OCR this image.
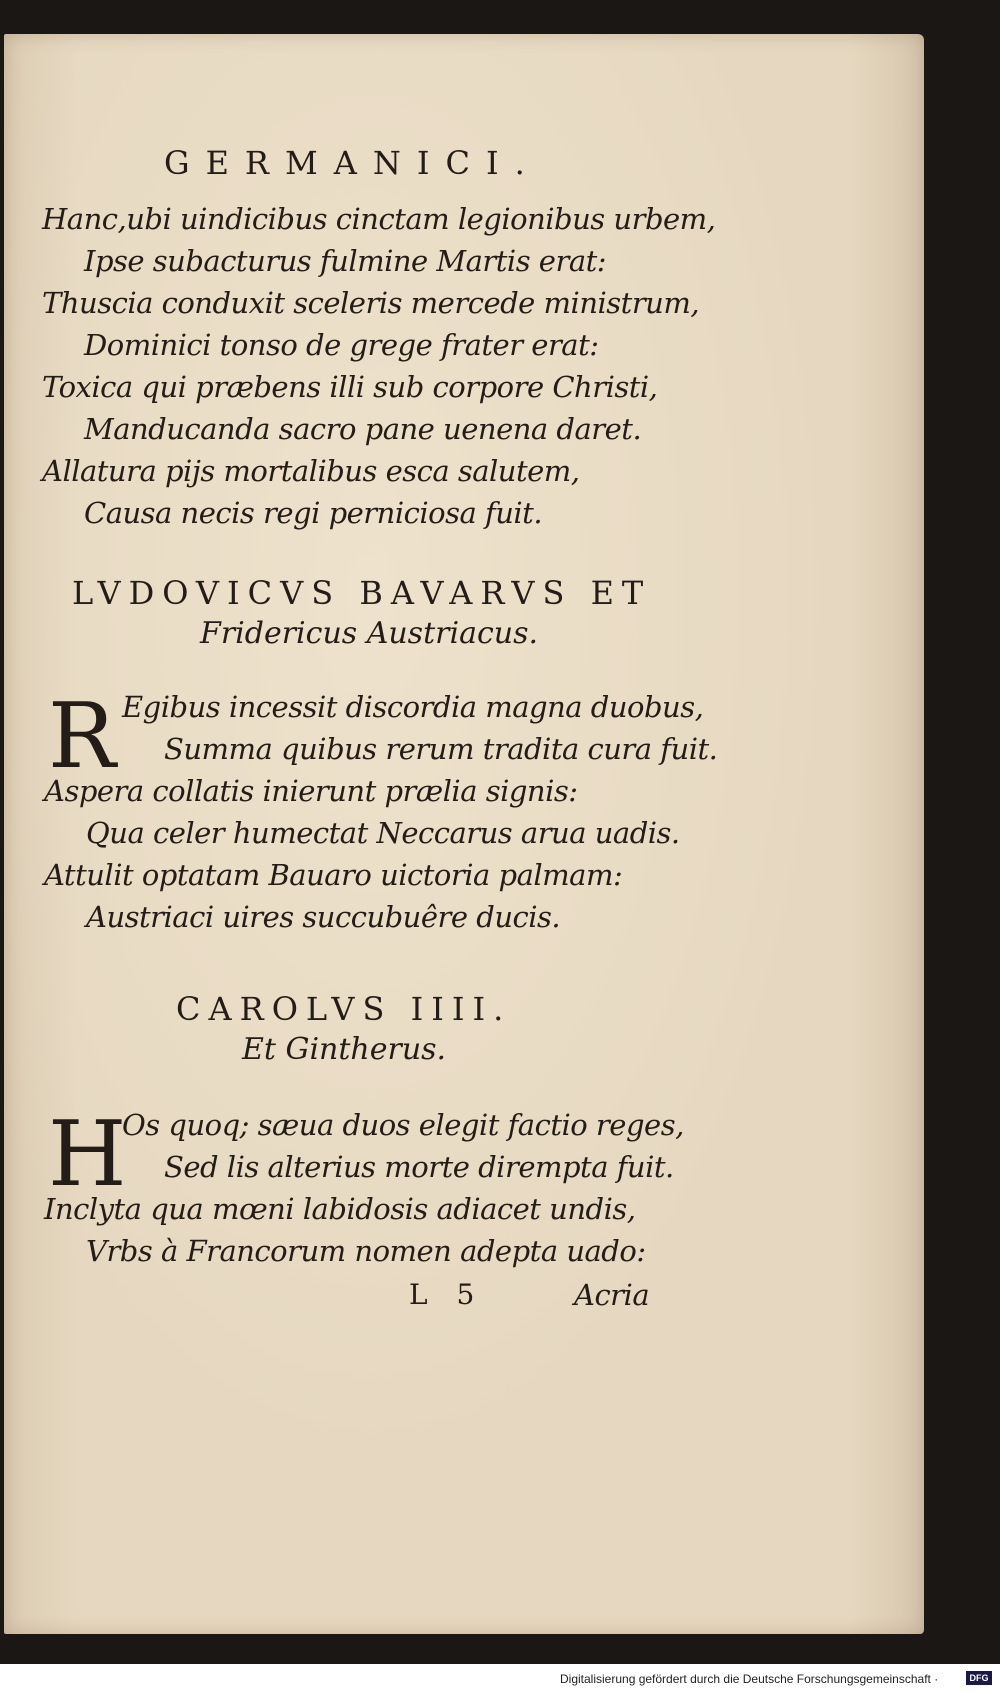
GERMANICI.
Hanc,ubi uindicibus cinctam legionibus urbem,
Ipse subacturus fulmine Martis erat:
Thuscia conduxit sceleris mercede ministrum,
Dominici tonso de grege frater erat:
Toxica qui præbens illi sub corpore Christi,
Manducanda sacro pane uenena daret.
Allatura pijs mortalibus esca salutem,
Causa necis regi perniciosa fuit.
LVDOVICVS BAVARVS ET
Fridericus Austriacus.
R Egibus incessit discordia magna duobus,
Summa quibus rerum tradita cura fuit.
Aspera collatis inierunt prælia signis:
Qua celer humectat Neccarus arua uadis.
Attulit optatam Bauaro uictoria palmam:
Austriaci uires succubuêre ducis.
CAROLVS IIII.
Et Gintherus.
H
Os quoq; sæua duos elegit factio reges,
Sed lis alterius morte dirempta fuit.
Inclyta qua mœni labidosis adiacet undis,
Vrbs à Francorum nomen adepta uado:
L 5	Acria
Digitalisierung gefördert durch die Deutsche Forschungsgemeinschaft ·	DFG
